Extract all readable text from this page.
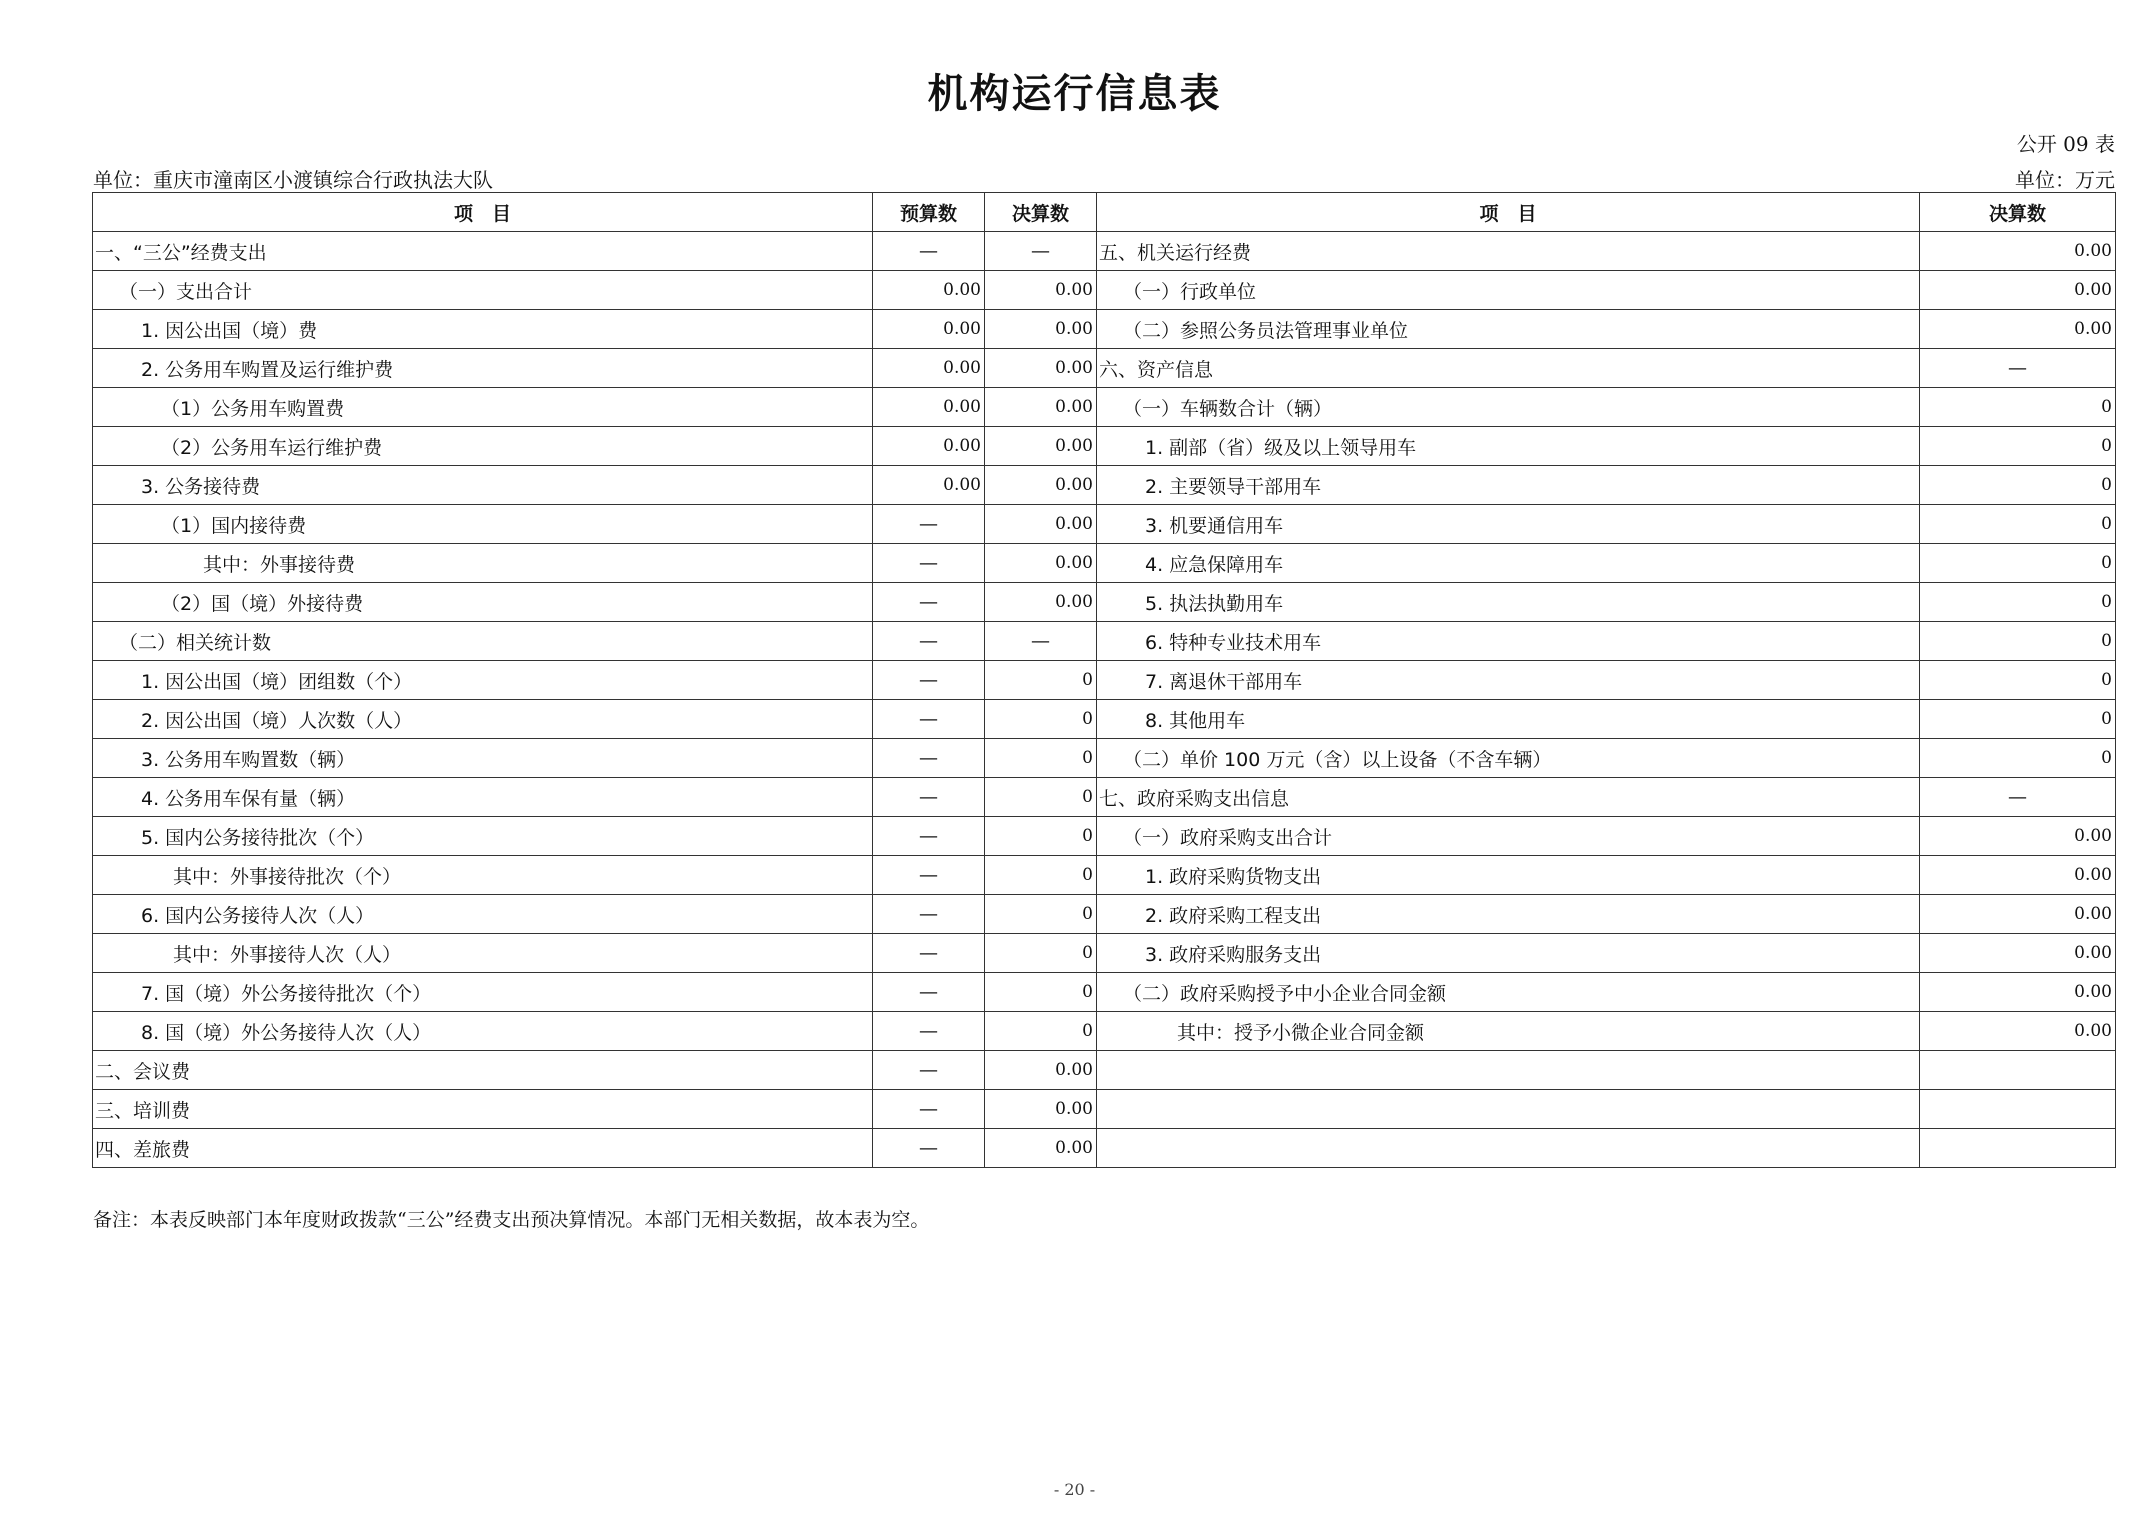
机构运行信息表
公开 09 表
单位：重庆市潼南区小渡镇综合行政执法大队	单位：万元
项　目	预算数	决算数	项　目	决算数
一、“三公”经费支出	—	—	五、机关运行经费	0.00
（一）支出合计	0.00	0.00	（一）行政单位	0.00
1. 因公出国（境）费	0.00	0.00	（二）参照公务员法管理事业单位	0.00
2. 公务用车购置及运行维护费	0.00	0.00	六、资产信息	—
（1）公务用车购置费	0.00	0.00	（一）车辆数合计（辆）	0
（2）公务用车运行维护费	0.00	0.00	1. 副部（省）级及以上领导用车	0
3. 公务接待费	0.00	0.00	2. 主要领导干部用车	0
（1）国内接待费	—	0.00	3. 机要通信用车	0
其中：外事接待费	—	0.00	4. 应急保障用车	0
（2）国（境）外接待费	—	0.00	5. 执法执勤用车	0
（二）相关统计数	—	—	6. 特种专业技术用车	0
1. 因公出国（境）团组数（个）	—	0	7. 离退休干部用车	0
2. 因公出国（境）人次数（人）	—	0	8. 其他用车	0
3. 公务用车购置数（辆）	—	0	（二）单价 100 万元（含）以上设备（不含车辆）	0
4. 公务用车保有量（辆）	—	0	七、政府采购支出信息	—
5. 国内公务接待批次（个）	—	0	（一）政府采购支出合计	0.00
其中：外事接待批次（个）	—	0	1. 政府采购货物支出	0.00
6. 国内公务接待人次（人）	—	0	2. 政府采购工程支出	0.00
其中：外事接待人次（人）	—	0	3. 政府采购服务支出	0.00
7. 国（境）外公务接待批次（个）	—	0	（二）政府采购授予中小企业合同金额	0.00
8. 国（境）外公务接待人次（人）	—	0	其中：授予小微企业合同金额	0.00
二、会议费	—	0.00		
三、培训费	—	0.00		
四、差旅费	—	0.00		
备注：本表反映部门本年度财政拨款“三公”经费支出预决算情况。本部门无相关数据，故本表为空。
- 20 -
